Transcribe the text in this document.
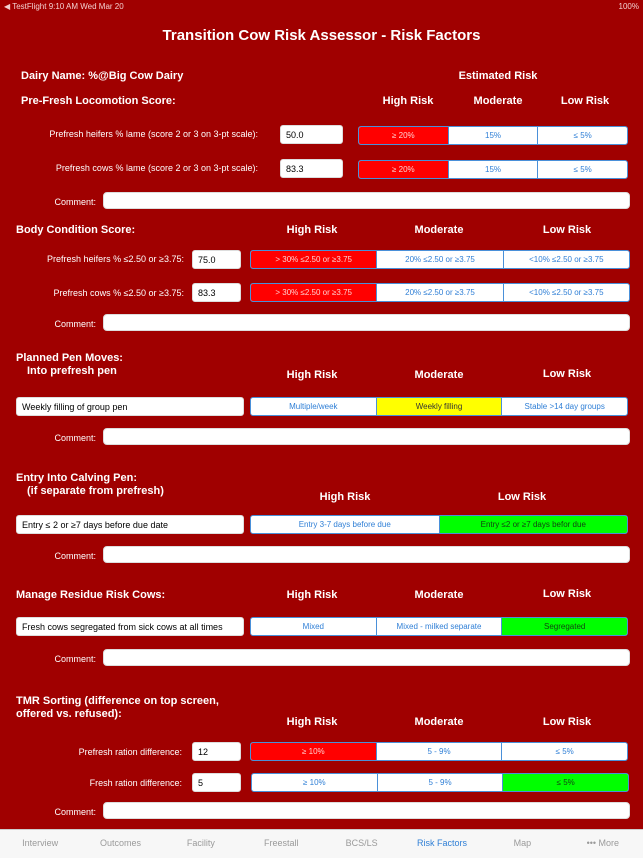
◀ TestFlight 9:10 AM Wed Mar 20	100%
Transition Cow Risk Assessor - Risk Factors
Dairy Name: %@Big Cow Dairy	Estimated Risk
Pre-Fresh Locomotion Score:	High Risk	Moderate	Low Risk
Prefresh heifers % lame (score 2 or 3 on 3-pt scale):	50.0	≥ 20%	15%	≤ 5%
Prefresh cows % lame (score 2 or 3 on 3-pt scale):	83.3	≥ 20%	15%	≤ 5%
Comment:
Body Condition Score:	High Risk	Moderate	Low Risk
Prefresh heifers % ≤2.50 or ≥3.75:	75.0	> 30% ≤2.50 or ≥3.75	20% ≤2.50 or ≥3.75	<10% ≤2.50 or ≥3.75
Prefresh cows % ≤2.50 or ≥3.75:	83.3	> 30% ≤2.50 or ≥3.75	20% ≤2.50 or ≥3.75	<10% ≤2.50 or ≥3.75
Comment:
Planned Pen Moves:
Into prefresh pen	High Risk	Moderate	Low Risk
Weekly filling of group pen	Multiple/week	Weekly filling	Stable >14 day groups
Comment:
Entry Into Calving Pen:
(if separate from prefresh)	High Risk	Low Risk
Entry ≤ 2 or ≥7 days before due date	Entry 3-7 days before due	Entry ≤2 or ≥7 days befor due
Comment:
Manage Residue Risk Cows:	High Risk	Moderate	Low Risk
Fresh cows segregated from sick cows at all times	Mixed	Mixed - milked separate	Segregated
Comment:
TMR Sorting (difference on top screen,
offered vs. refused):
High Risk	Moderate	Low Risk
Prefresh ration difference:	12	≥ 10%	5 - 9%	≤ 5%
Fresh ration difference:	5	≥ 10%	5 - 9%	≤ 5%
Comment:
Interview	Outcomes	Facility	Freestall	BCS/LS	Risk Factors	Map	••• More
